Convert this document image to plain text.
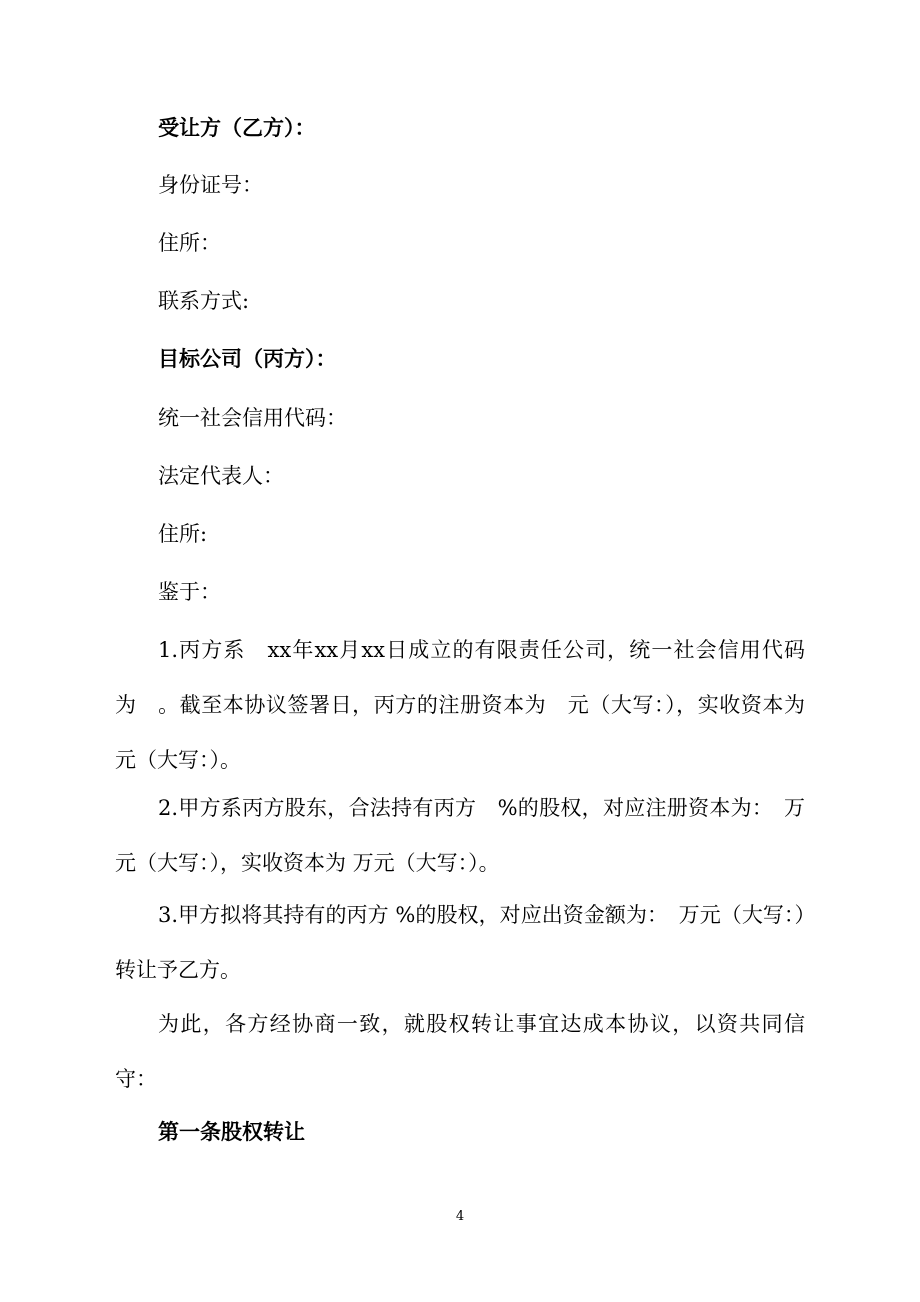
受让方（乙方）：
身份证号：
住所：
联系方式:
目标公司（丙方）：
统一社会信用代码：
法定代表人：
住所:
鉴于：
1.丙方系　xx年xx月xx日成立的有限责任公司，统一社会信用代码为　。截至本协议签署日，丙方的注册资本为　元（大写：），实收资本为 元（大写：）。
2.甲方系丙方股东，合法持有丙方　%的股权，对应注册资本为：　万元（大写：），实收资本为 万元（大写：）。
3.甲方拟将其持有的丙方 %的股权，对应出资金额为：　万元（大写：）转让予乙方。
为此，各方经协商一致，就股权转让事宜达成本协议，以资共同信守：
第一条股权转让
4
